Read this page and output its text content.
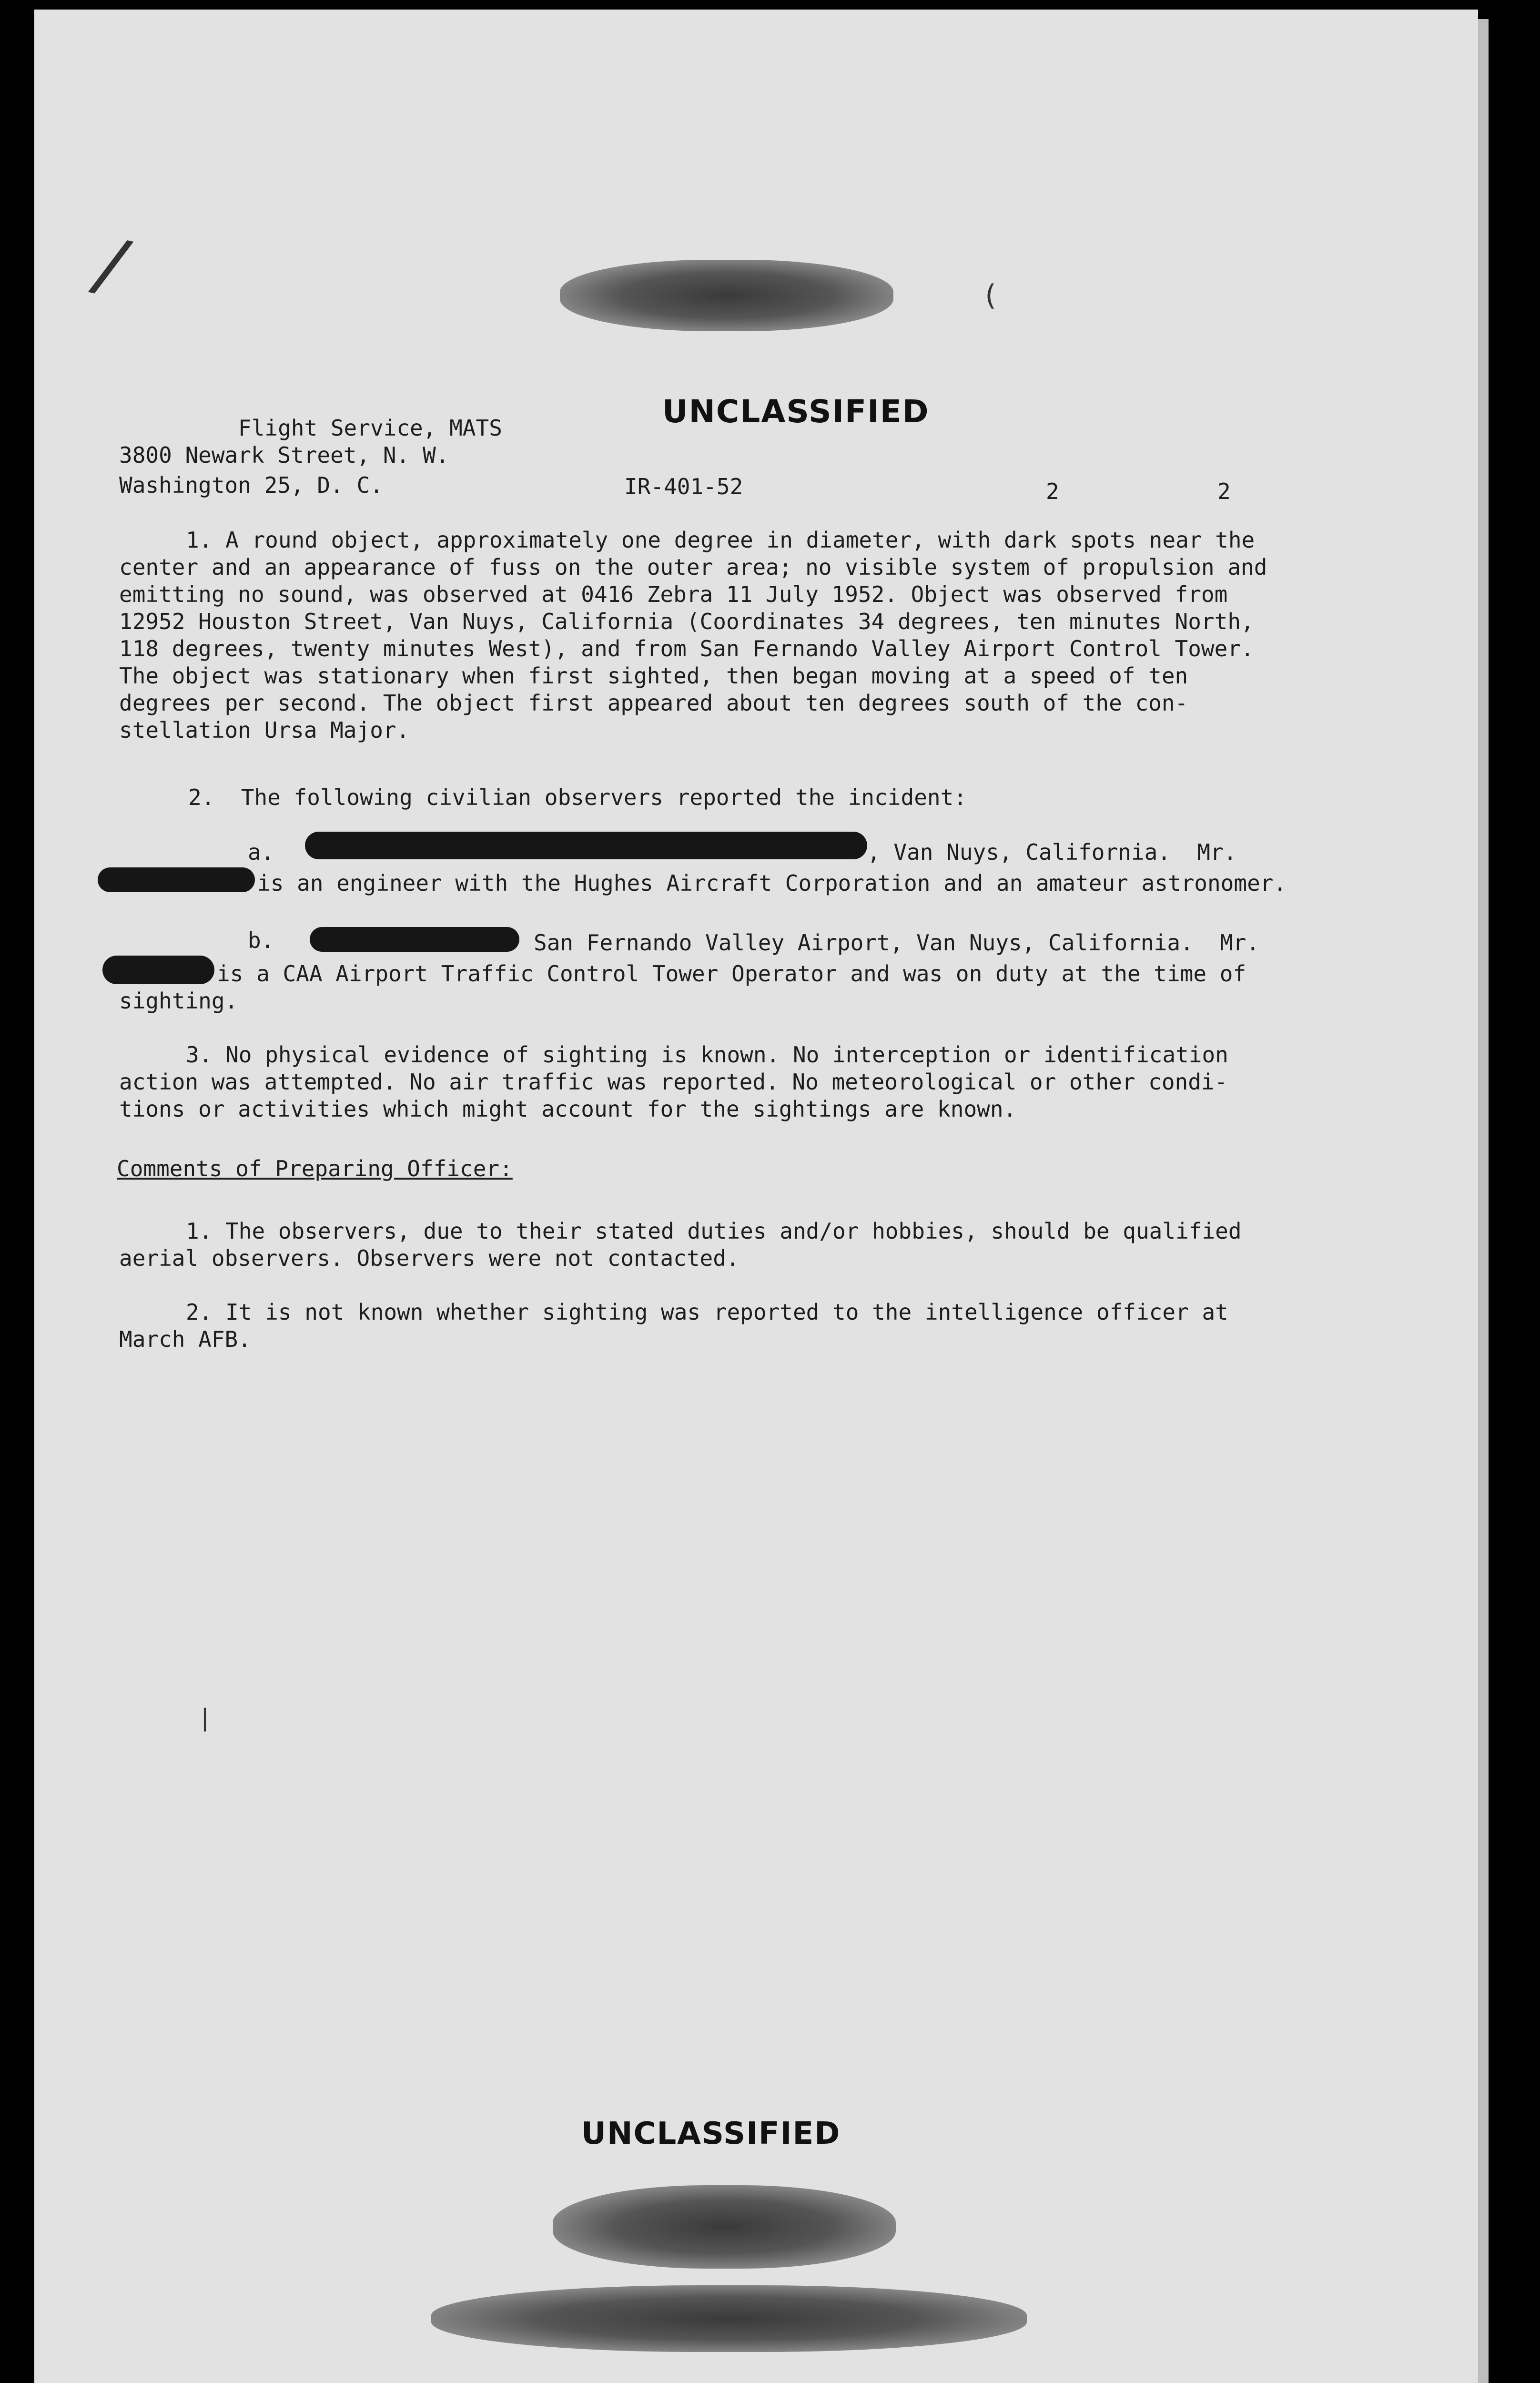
/	(
UNCLASSIFIED
Flight Service, MATS
3800 Newark Street, N. W.
Washington 25, D. C.	IR-401-52	2	2
1. A round object, approximately one degree in diameter, with dark spots near the
center and an appearance of fuss on the outer area; no visible system of propulsion and
emitting no sound, was observed at 0416 Zebra 11 July 1952. Object was observed from
12952 Houston Street, Van Nuys, California (Coordinates 34 degrees, ten minutes North,
118 degrees, twenty minutes West), and from San Fernando Valley Airport Control Tower.
The object was stationary when first sighted, then began moving at a speed of ten
degrees per second. The object first appeared about ten degrees south of the con-
stellation Ursa Major.
2.  The following civilian observers reported the incident:
a.	, Van Nuys, California.  Mr.
is an engineer with the Hughes Aircraft Corporation and an amateur astronomer.
b.	San Fernando Valley Airport, Van Nuys, California.  Mr.
is a CAA Airport Traffic Control Tower Operator and was on duty at the time of
sighting.
3. No physical evidence of sighting is known. No interception or identification
action was attempted. No air traffic was reported. No meteorological or other condi-
tions or activities which might account for the sightings are known.
Comments of Preparing Officer:
1. The observers, due to their stated duties and/or hobbies, should be qualified
aerial observers. Observers were not contacted.
2. It is not known whether sighting was reported to the intelligence officer at
March AFB.
|
UNCLASSIFIED
